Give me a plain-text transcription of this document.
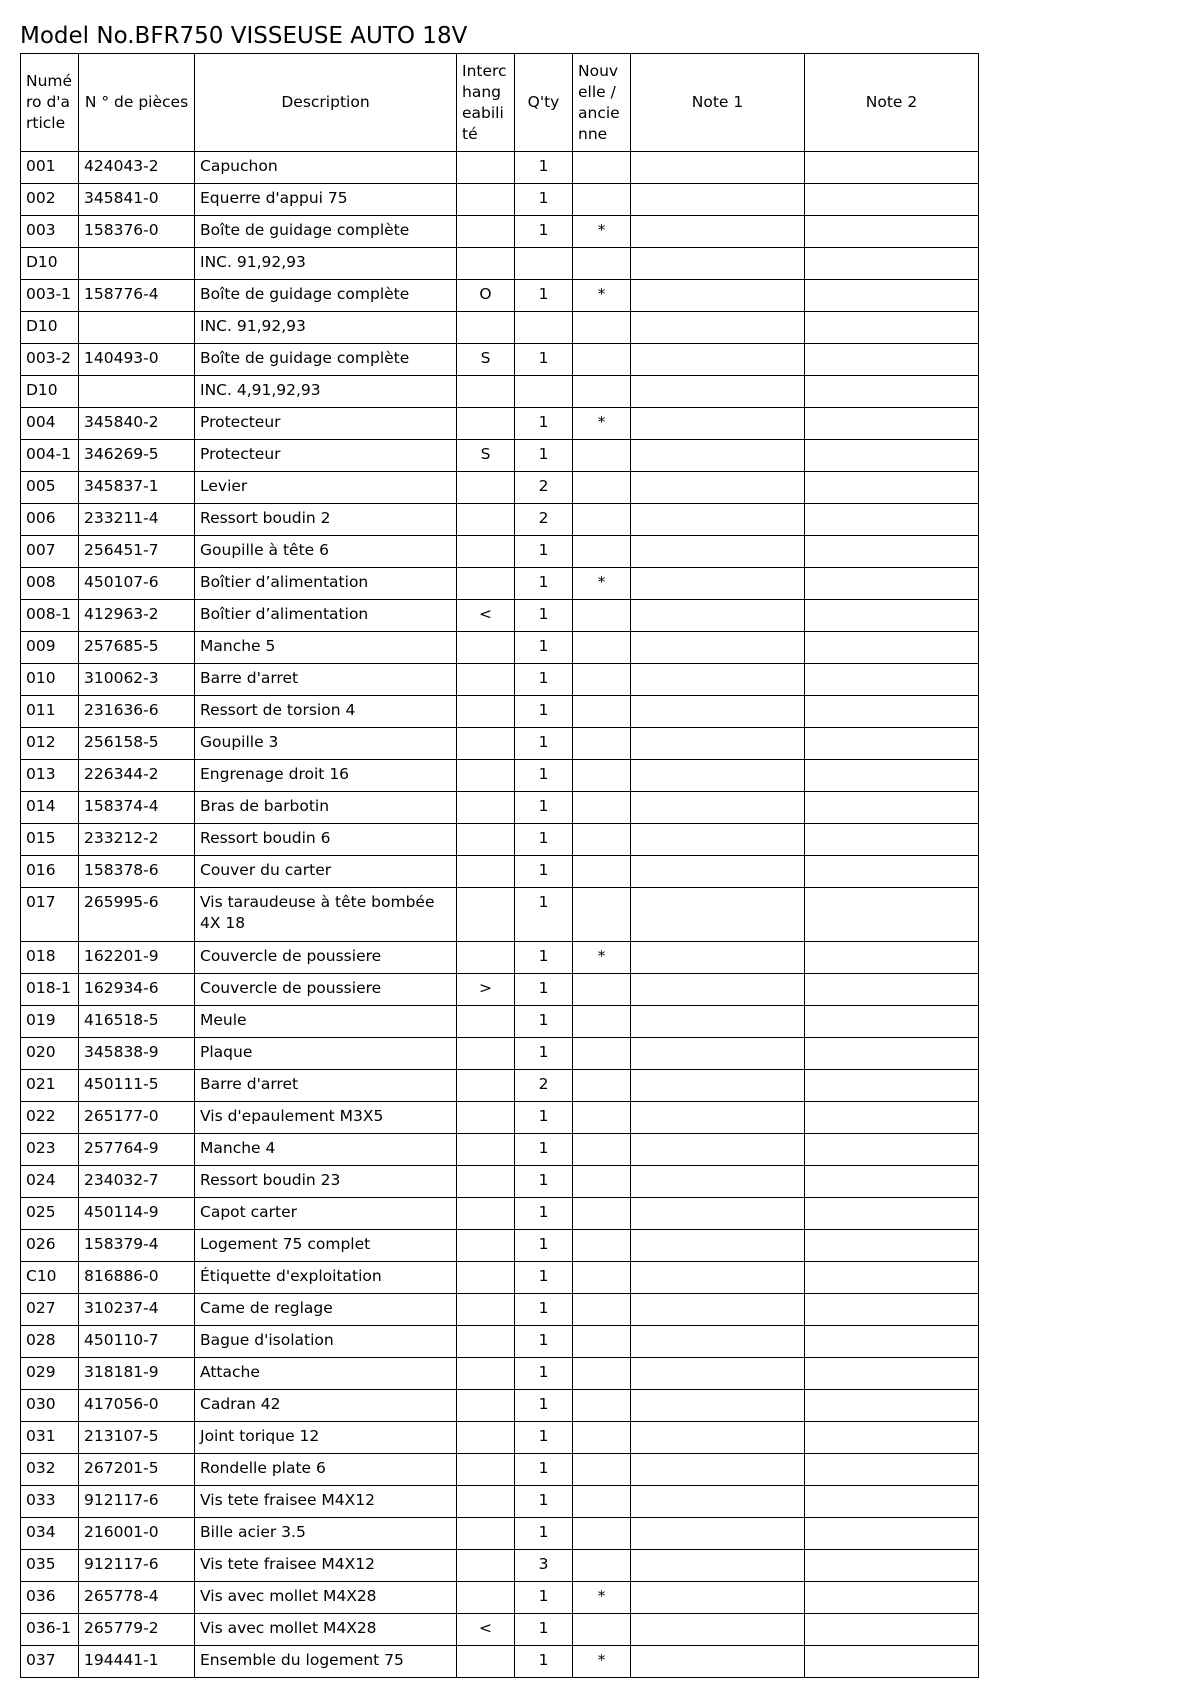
Model No.BFR750 VISSEUSE AUTO 18V
Numéro d'article	N ° de pièces	Description	Interchangeabilité	Q'ty	Nouvelle / ancienne	Note 1	Note 2
001	424043-2	Capuchon		1			
002	345841-0	Equerre d'appui 75		1			
003	158376-0	Boîte de guidage complète		1	*		
D10		INC. 91,92,93					
003-1	158776-4	Boîte de guidage complète	O	1	*		
D10		INC. 91,92,93					
003-2	140493-0	Boîte de guidage complète	S	1			
D10		INC. 4,91,92,93					
004	345840-2	Protecteur		1	*		
004-1	346269-5	Protecteur	S	1			
005	345837-1	Levier		2			
006	233211-4	Ressort boudin 2		2			
007	256451-7	Goupille à tête 6		1			
008	450107-6	Boîtier d’alimentation		1	*		
008-1	412963-2	Boîtier d’alimentation	<	1			
009	257685-5	Manche 5		1			
010	310062-3	Barre d'arret		1			
011	231636-6	Ressort de torsion 4		1			
012	256158-5	Goupille 3		1			
013	226344-2	Engrenage droit 16		1			
014	158374-4	Bras de barbotin		1			
015	233212-2	Ressort boudin 6		1			
016	158378-6	Couver du carter		1			
017	265995-6	Vis taraudeuse à tête bombée 4X 18		1			
018	162201-9	Couvercle de poussiere		1	*		
018-1	162934-6	Couvercle de poussiere	>	1			
019	416518-5	Meule		1			
020	345838-9	Plaque		1			
021	450111-5	Barre d'arret		2			
022	265177-0	Vis d'epaulement M3X5		1			
023	257764-9	Manche 4		1			
024	234032-7	Ressort boudin 23		1			
025	450114-9	Capot carter		1			
026	158379-4	Logement 75 complet		1			
C10	816886-0	Étiquette d'exploitation		1			
027	310237-4	Came de reglage		1			
028	450110-7	Bague d'isolation		1			
029	318181-9	Attache		1			
030	417056-0	Cadran 42		1			
031	213107-5	Joint torique 12		1			
032	267201-5	Rondelle plate 6		1			
033	912117-6	Vis tete fraisee M4X12		1			
034	216001-0	Bille acier 3.5		1			
035	912117-6	Vis tete fraisee M4X12		3			
036	265778-4	Vis avec mollet M4X28		1	*		
036-1	265779-2	Vis avec mollet M4X28	<	1			
037	194441-1	Ensemble du logement 75		1	*		
